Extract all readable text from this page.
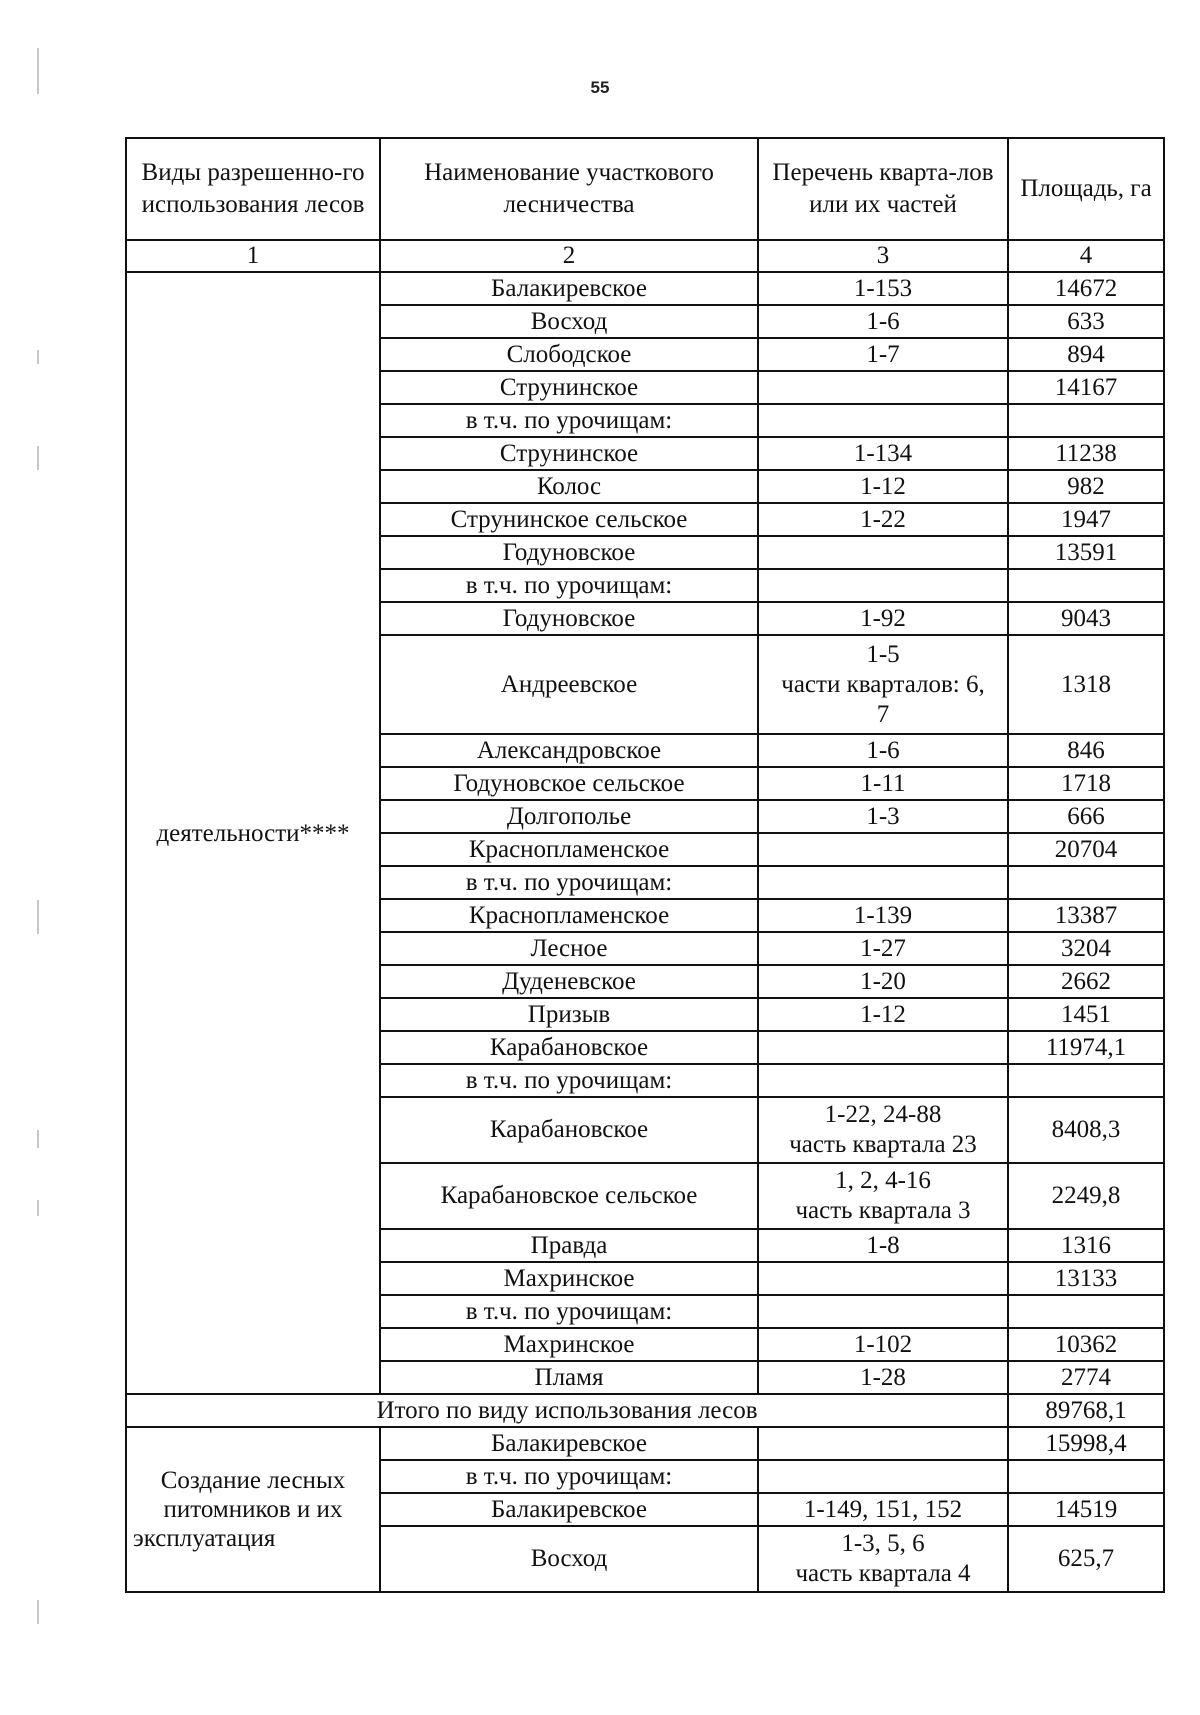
55
Виды разрешенно-го использования лесов	Наименование участкового лесничества	Перечень кварта-лов или их частей	Площадь, га
1	2	3	4
деятельности****	Балакиревское	1-153	14672
	Восход	1-6	633
	Слободское	1-7	894
	Струнинское		14167
	в т.ч. по урочищам:		
	Струнинское	1-134	11238
	Колос	1-12	982
	Струнинское сельское	1-22	1947
	Годуновское		13591
	в т.ч. по урочищам:		
	Годуновское	1-92	9043
	Андреевское	1-5
части кварталов: 6,
7	1318
	Александровское	1-6	846
	Годуновское сельское	1-11	1718
	Долгополье	1-3	666
	Краснопламенское		20704
	в т.ч. по урочищам:		
	Краснопламенское	1-139	13387
	Лесное	1-27	3204
	Дуденевское	1-20	2662
	Призыв	1-12	1451
	Карабановское		11974,1
	в т.ч. по урочищам:		
	Карабановское	1-22, 24-88
часть квартала 23	8408,3
	Карабановское сельское	1, 2, 4-16
часть квартала 3	2249,8
	Правда	1-8	1316
	Махринское		13133
	в т.ч. по урочищам:		
	Махринское	1-102	10362
	Пламя	1-28	2774
Итого по виду использования лесов			89768,1
Создание лесных питомников и их эксплуатация	Балакиревское		15998,4
	в т.ч. по урочищам:		
	Балакиревское	1-149, 151, 152	14519
	Восход	1-3, 5, 6
часть квартала 4	625,7
